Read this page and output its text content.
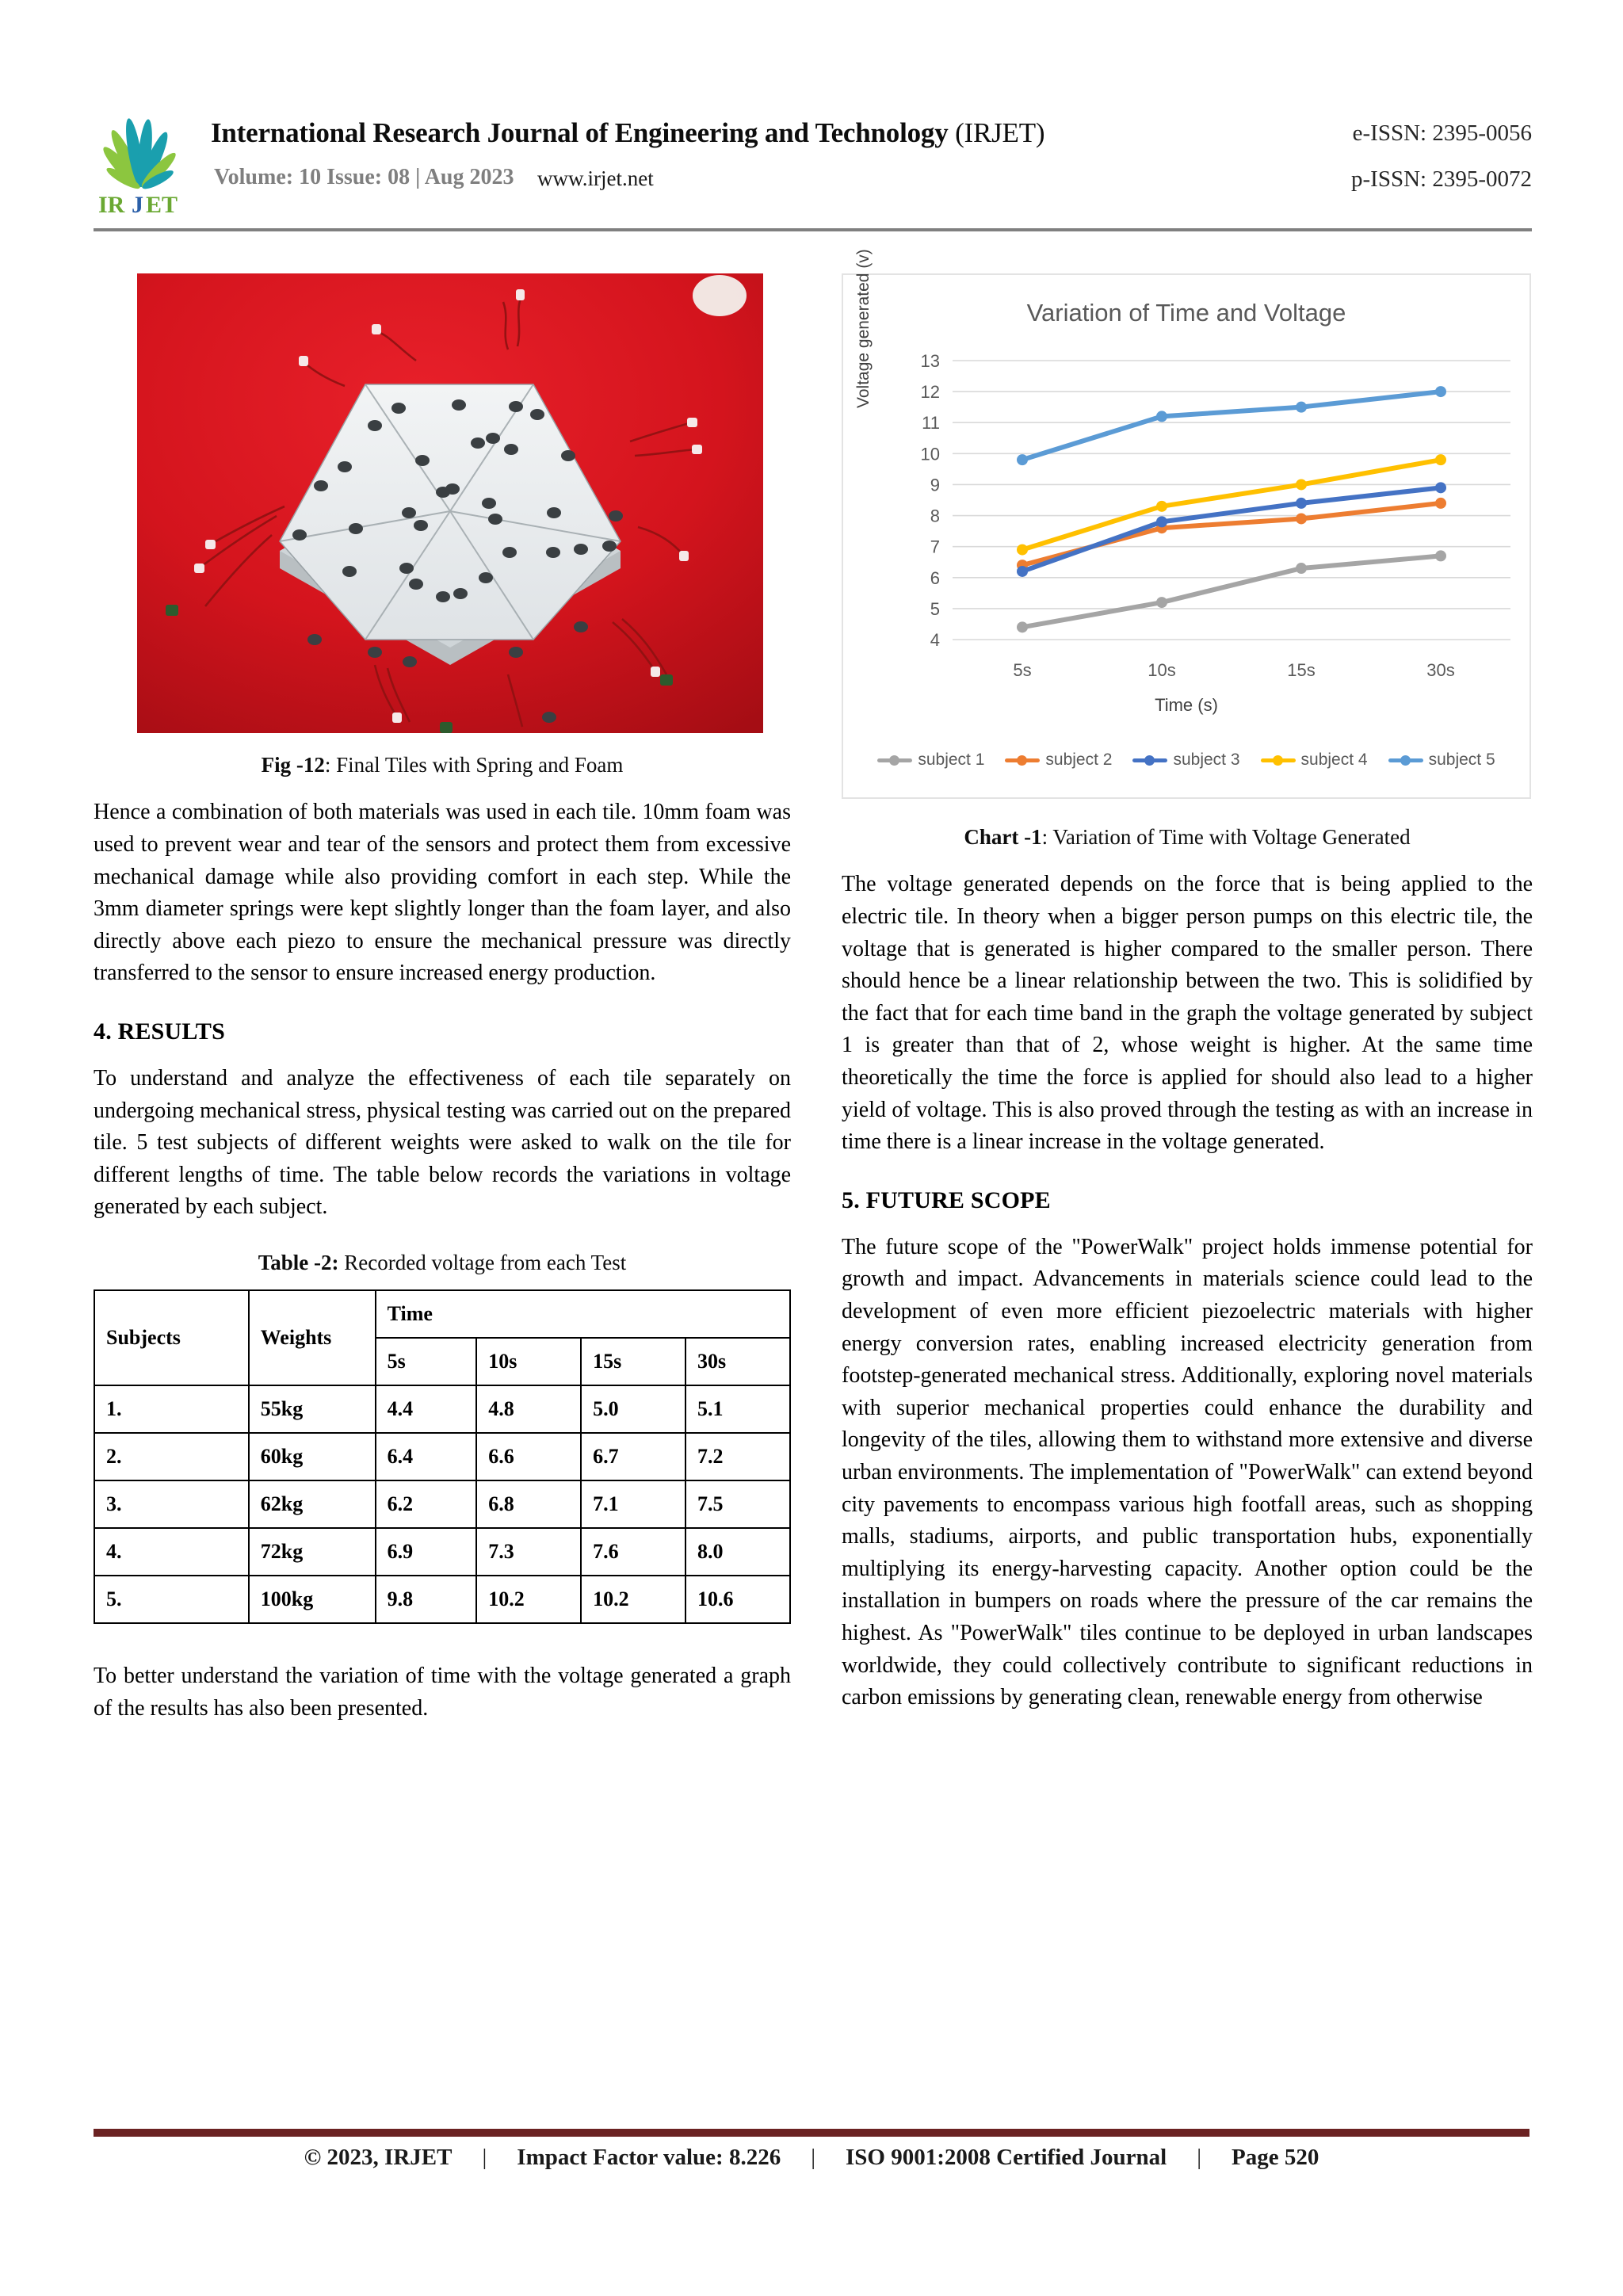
IR J ET
International Research Journal of Engineering and Technology (IRJET)	e-ISSN: 2395-0056
Volume: 10 Issue: 08 | Aug 2023 www.irjet.net	p-ISSN: 2395-0072
Fig -12: Final Tiles with Spring and Foam

Hence a combination of both materials was used in each tile. 10mm foam was used to prevent wear and tear of the sensors and protect them from excessive mechanical damage while also providing comfort in each step. While the 3mm diameter springs were kept slightly longer than the foam layer, and also directly above each piezo to ensure the mechanical pressure was directly transferred to the sensor to ensure increased energy production.

4. RESULTS

To understand and analyze the effectiveness of each tile separately on undergoing mechanical stress, physical testing was carried out on the prepared tile. 5 test subjects of different weights were asked to walk on the tile for different lengths of time. The table below records the variations in voltage generated by each subject.

Table -2: Recorded voltage from each Test
Subjects	Weights	Time			
		5s	10s	15s	30s
1.	55kg	4.4	4.8	5.0	5.1
2.	60kg	6.4	6.6	6.7	7.2
3.	62kg	6.2	6.8	7.1	7.5
4.	72kg	6.9	7.3	7.6	8.0
5.	100kg	9.8	10.2	10.2	10.6

To better understand the variation of time with the voltage generated a graph of the results has also been presented.

Variation of Time and Voltage
Voltage generated (v)
Time (s)
4
5
6
7
8
9
10
11
12
13
5s	10s	15s	30s
subject 1	subject 2	subject 3	subject 4	subject 5
Chart -1: Variation of Time with Voltage Generated

The voltage generated depends on the force that is being applied to the electric tile. In theory when a bigger person pumps on this electric tile, the voltage that is generated is higher compared to the smaller person. There should hence be a linear relationship between the two. This is solidified by the fact that for each time band in the graph the voltage generated by subject 1 is greater than that of 2, whose weight is higher. At the same time theoretically the time the force is applied for should also lead to a higher yield of voltage. This is also proved through the testing as with an increase in time there is a linear increase in the voltage generated.

5. FUTURE SCOPE

The future scope of the "PowerWalk" project holds immense potential for growth and impact. Advancements in materials science could lead to the development of even more efficient piezoelectric materials with higher energy conversion rates, enabling increased electricity generation from footstep-generated mechanical stress. Additionally, exploring novel materials with superior mechanical properties could enhance the durability and longevity of the tiles, allowing them to withstand more extensive and diverse urban environments. The implementation of "PowerWalk" can extend beyond city pavements to encompass various high footfall areas, such as shopping malls, stadiums, airports, and public transportation hubs, exponentially multiplying its energy-harvesting capacity. Another option could be the installation in bumpers on roads where the pressure of the car remains the highest. As "PowerWalk" tiles continue to be deployed in urban landscapes worldwide, they could collectively contribute to significant reductions in carbon emissions by generating clean, renewable energy from otherwise

© 2023, IRJET	|	Impact Factor value: 8.226	|	ISO 9001:2008 Certified Journal	|	Page 520
